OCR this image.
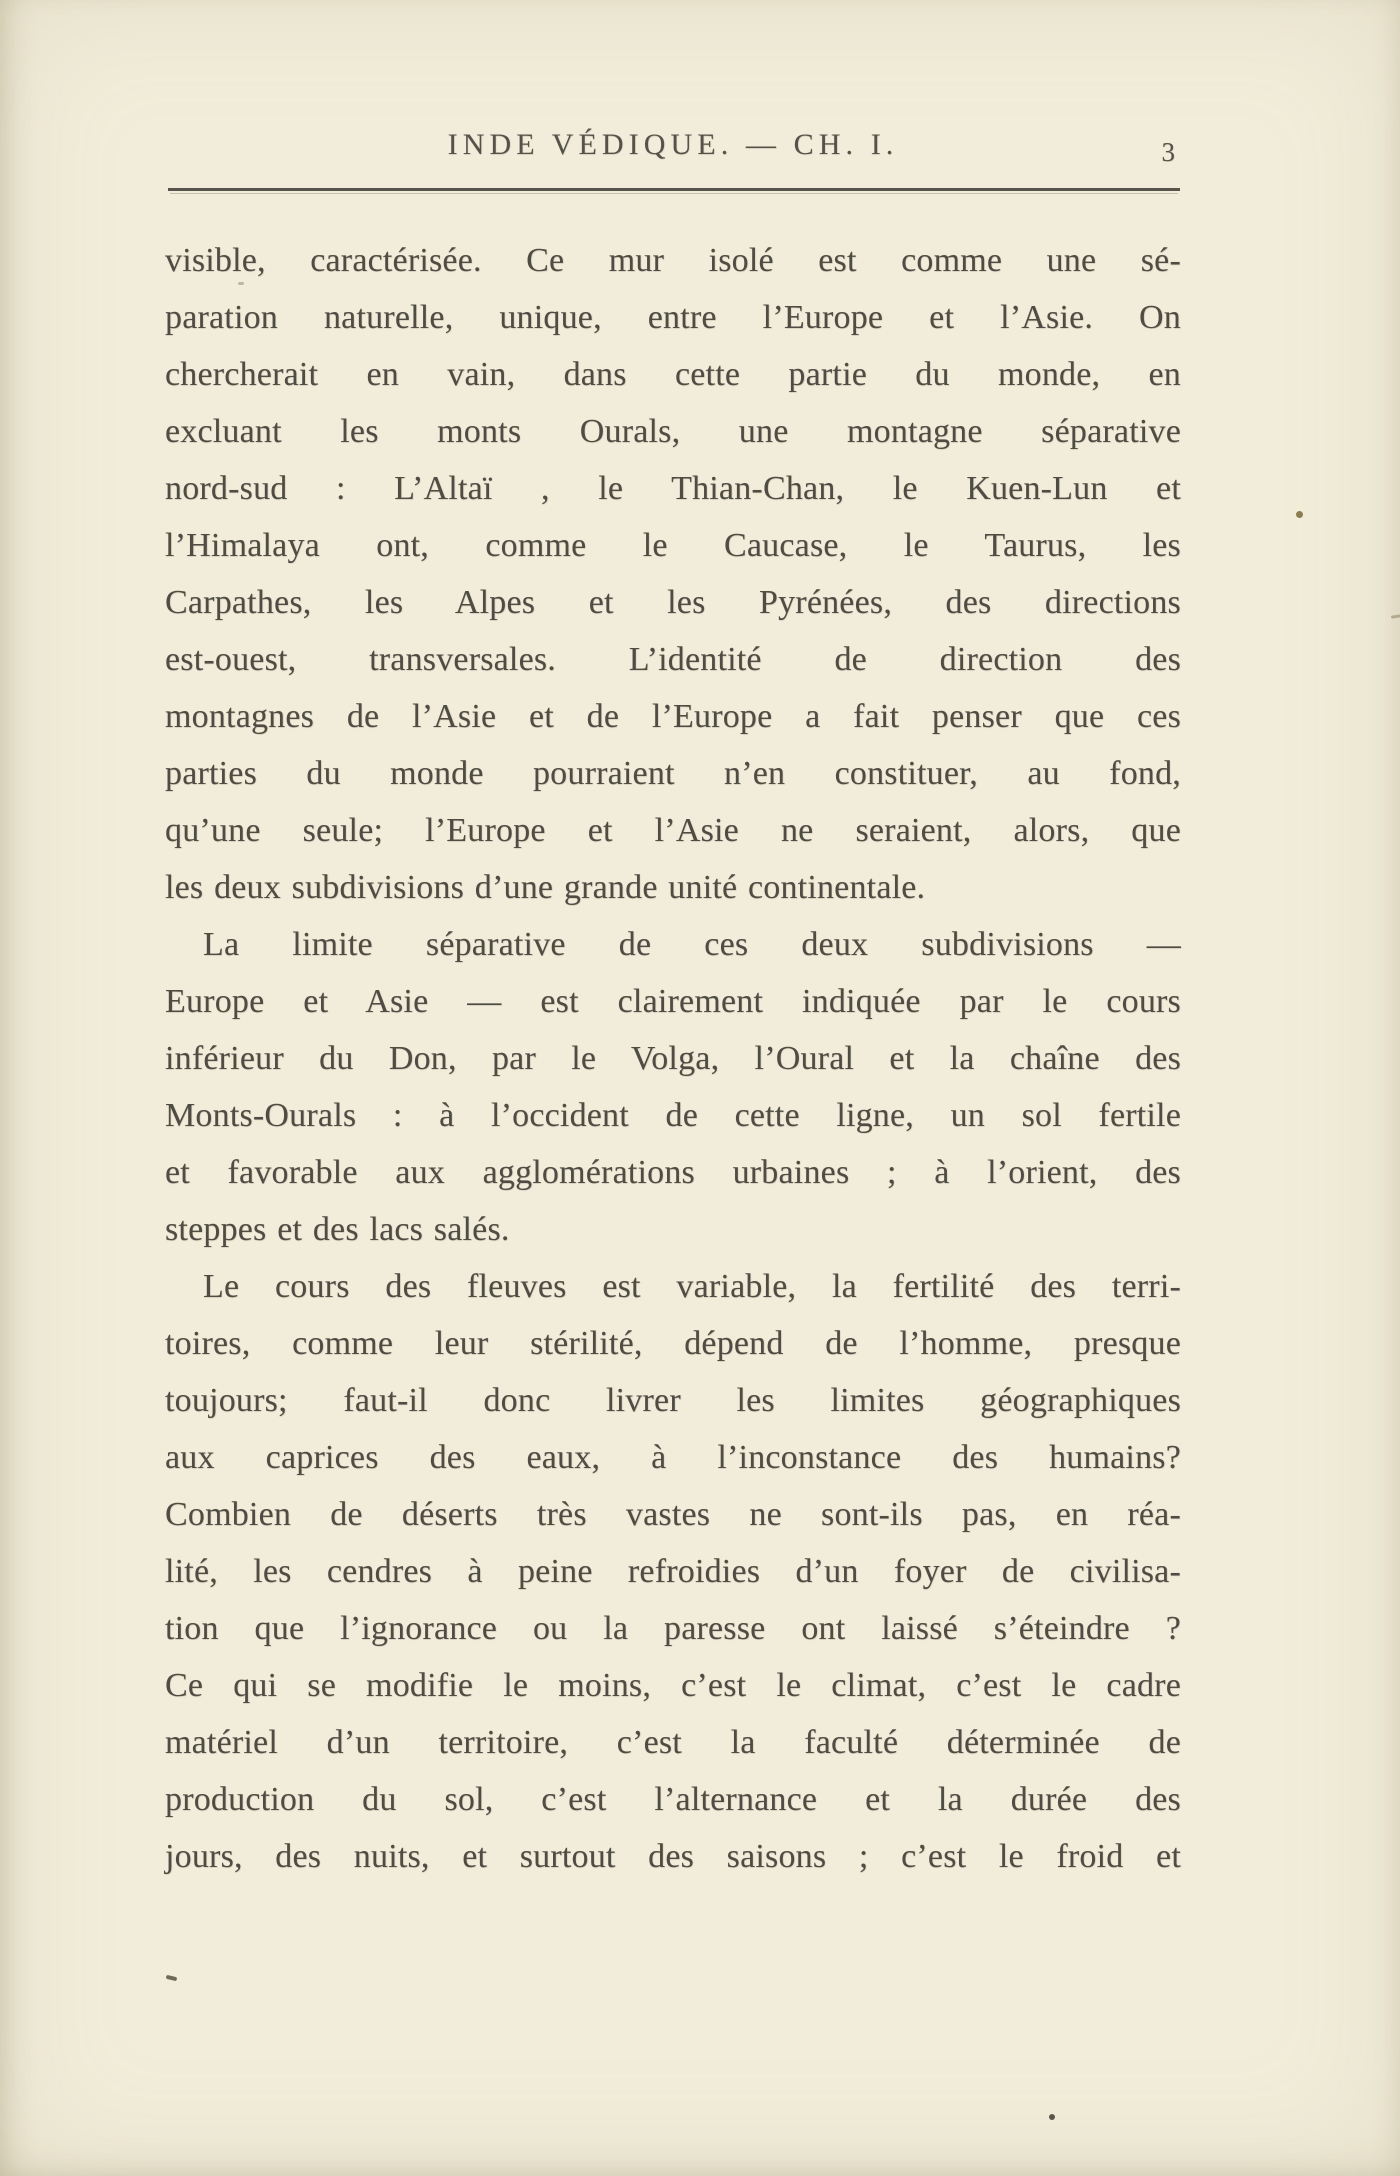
INDE VÉDIQUE. — CH. I.	3
visible, caractérisée. Ce mur isolé est comme une sé-
paration naturelle, unique, entre l’Europe et l’Asie. On
chercherait en vain, dans cette partie du monde, en
excluant les monts Ourals, une montagne séparative
nord-sud : L’Altaï , le Thian-Chan, le Kuen-Lun et
l’Himalaya ont, comme le Caucase, le Taurus, les
Carpathes, les Alpes et les Pyrénées, des directions
est-ouest, transversales. L’identité de direction des
montagnes de l’Asie et de l’Europe a fait penser que ces
parties du monde pourraient n’en constituer, au fond,
qu’une seule; l’Europe et l’Asie ne seraient, alors, que
les deux subdivisions d’une grande unité continentale.
La limite séparative de ces deux subdivisions —
Europe et Asie — est clairement indiquée par le cours
inférieur du Don, par le Volga, l’Oural et la chaîne des
Monts-Ourals : à l’occident de cette ligne, un sol fertile
et favorable aux agglomérations urbaines ; à l’orient, des
steppes et des lacs salés.
Le cours des fleuves est variable, la fertilité des terri-
toires, comme leur stérilité, dépend de l’homme, presque
toujours; faut-il donc livrer les limites géographiques
aux caprices des eaux, à l’inconstance des humains?
Combien de déserts très vastes ne sont-ils pas, en réa-
lité, les cendres à peine refroidies d’un foyer de civilisa-
tion que l’ignorance ou la paresse ont laissé s’éteindre ?
Ce qui se modifie le moins, c’est le climat, c’est le cadre
matériel d’un territoire, c’est la faculté déterminée de
production du sol, c’est l’alternance et la durée des
jours, des nuits, et surtout des saisons ; c’est le froid et
